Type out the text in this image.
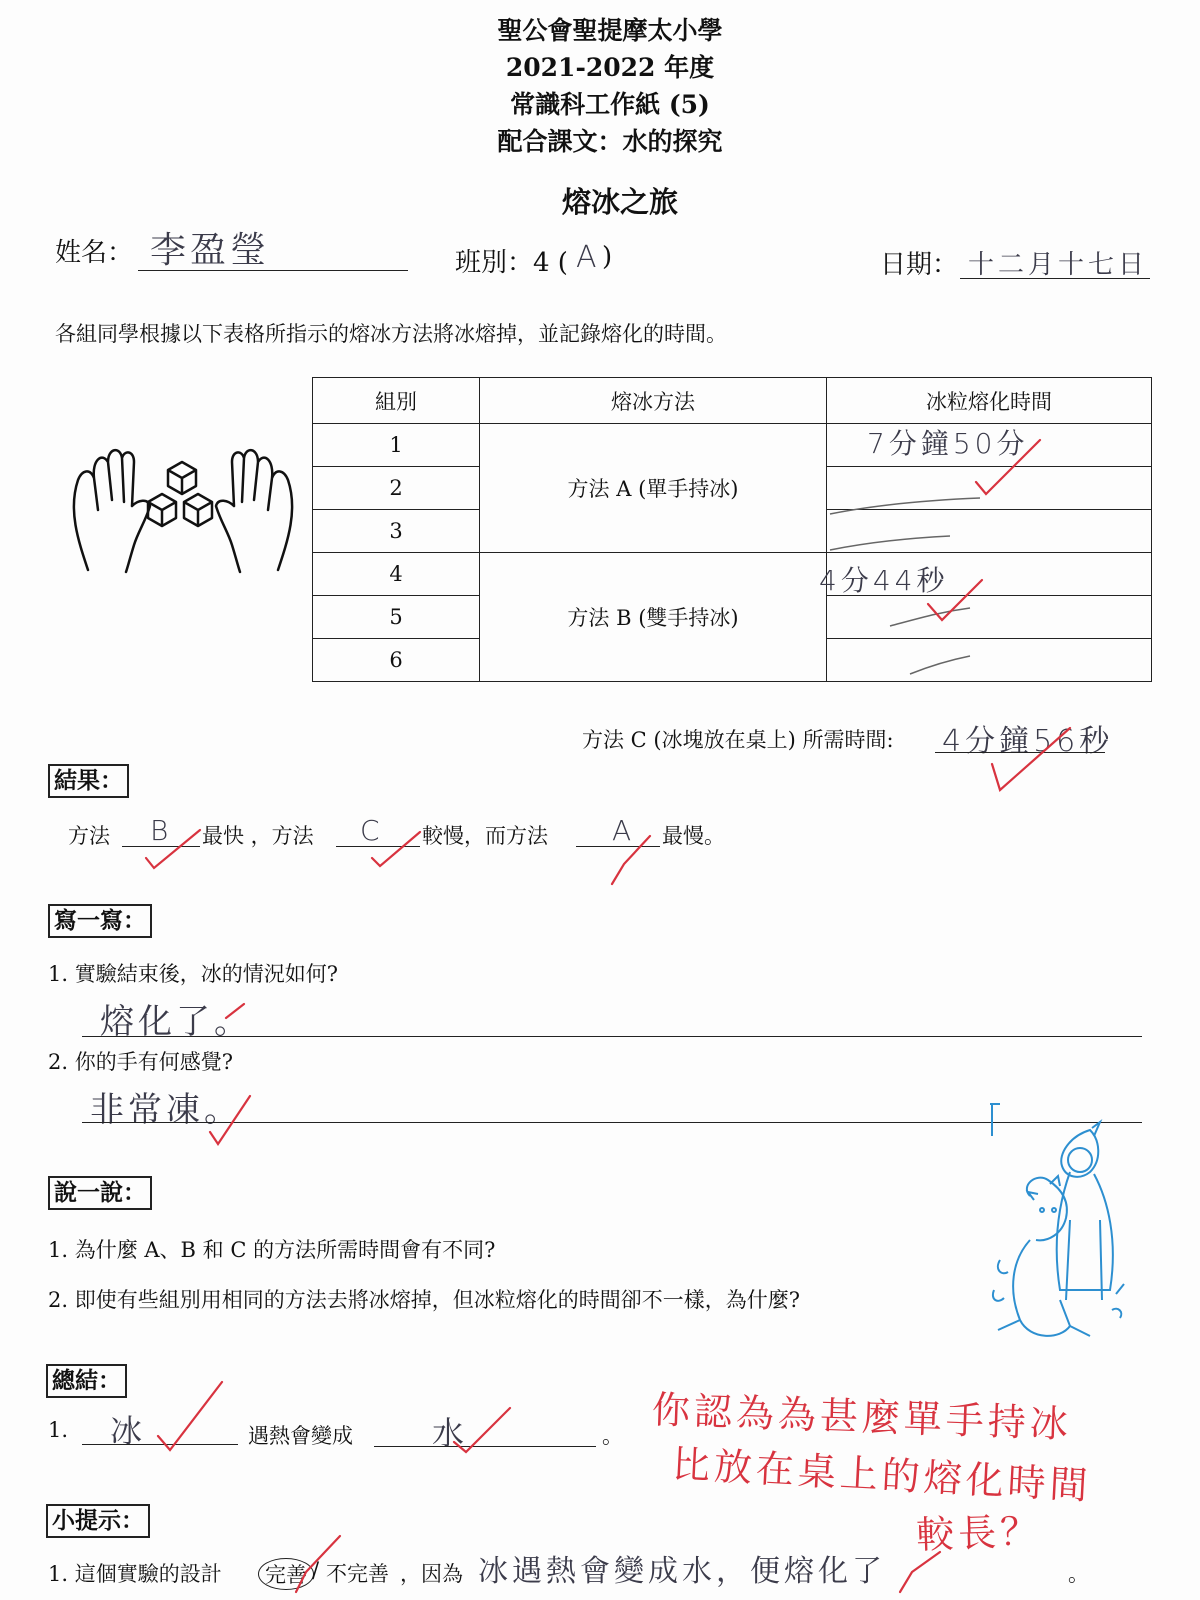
聖公會聖提摩太小學
2021-2022 年度
常識科工作紙 (5)
配合課文：水的探究
熔冰之旅
姓名： 李盈瑩	班別：4 ( A )	日期： 十二月十七日
各組同學根據以下表格所指示的熔冰方法將冰熔掉，並記錄熔化的時間。
組別	熔冰方法	冰粒熔化時間
1	方法 A (單手持冰)	7分鐘50分

2		
3		
4	方法 B (雙手持冰)	4分44秒

5		
6		
方法 C (冰塊放在桌上) 所需時間: 4分鐘56秒
結果：
方法 B 最快 ，方法 C 較慢，而方法 A 最慢。
寫一寫：
1. 實驗結束後，冰的情況如何?
熔化了。
2. 你的手有何感覺?
非常凍。
說一說：
1. 為什麼 A、B 和 C 的方法所需時間會有不同?
2. 即使有些組別用相同的方法去將冰熔掉，但冰粒熔化的時間卻不一樣，為什麼?
總結：
1. 冰	遇熱會變成 水	。 你認為為甚麼單手持冰
比放在桌上的熔化時間
較長？
小提示：
1. 這個實驗的設計	完善 / 不完善 ，因為 冰遇熱會變成水，便熔化了	。
